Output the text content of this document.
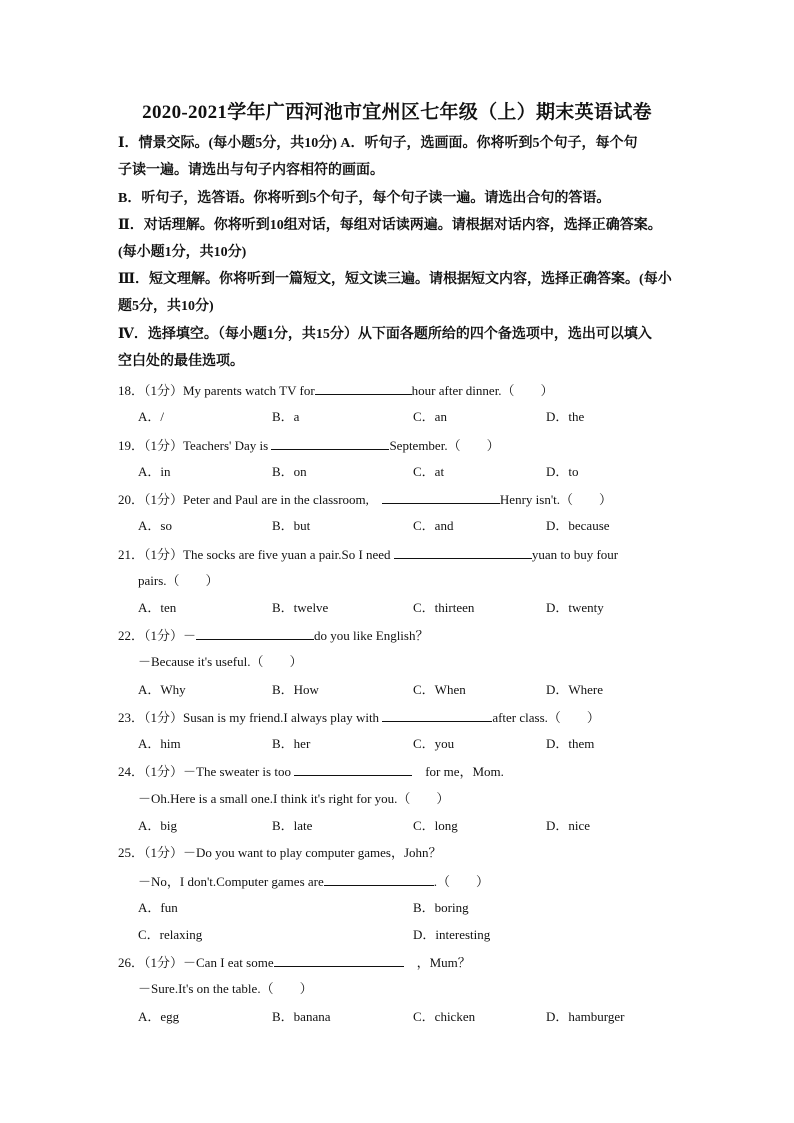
2020-2021学年广西河池市宜州区七年级（上）期末英语试卷
Ⅰ．情景交际。(每小题5分，共10分) A．听句子，选画面。你将听到5个句子，每个句
子读一遍。请选出与句子内容相符的画面。
B．听句子，选答语。你将听到5个句子，每个句子读一遍。请选出合句的答语。
Ⅱ．对话理解。你将听到10组对话，每组对话读两遍。请根据对话内容，选择正确答案。
(每小题1分，共10分)
Ⅲ．短文理解。你将听到一篇短文，短文读三遍。请根据短文内容，选择正确答案。(每小
题5分，共10分)
Ⅳ．选择填空。（每小题1分，共15分）从下面各题所给的四个备选项中，选出可以填入
空白处的最佳选项。
18．（1分）My parents watch TV for	hour after dinner.（　　）
A．/	B．a	C．an	D．the
19．（1分）Teachers' Day is	September.（　　）
A．in	B．on	C．at	D．to
20．（1分）Peter and Paul are in the classroom,　	Henry isn't.（　　）
A．so	B．but	C．and	D．because
21．（1分）The socks are five yuan a pair.So I need	yuan to buy four
pairs.（　　）
A．ten	B．twelve	C．thirteen	D．twenty
22．（1分）－	do you like English？
－Because it's useful.（　　）
A．Why	B．How	C．When	D．Where
23．（1分）Susan is my friend.I always play with	after class.（　　）
A．him	B．her	C．you	D．them
24．（1分）－The sweater is too	　for me，Mom.
－Oh.Here is a small one.I think it's right for you.（　　）
A．big	B．late	C．long	D．nice
25．（1分）－Do you want to play computer games，John？
－No，I don't.Computer games are	.（　　）
A．fun	B．boring
C．relaxing	D．interesting
26．（1分）－Can I eat some	　，Mum？
－Sure.It's on the table.（　　）
A．egg	B．banana	C．chicken	D．hamburger
